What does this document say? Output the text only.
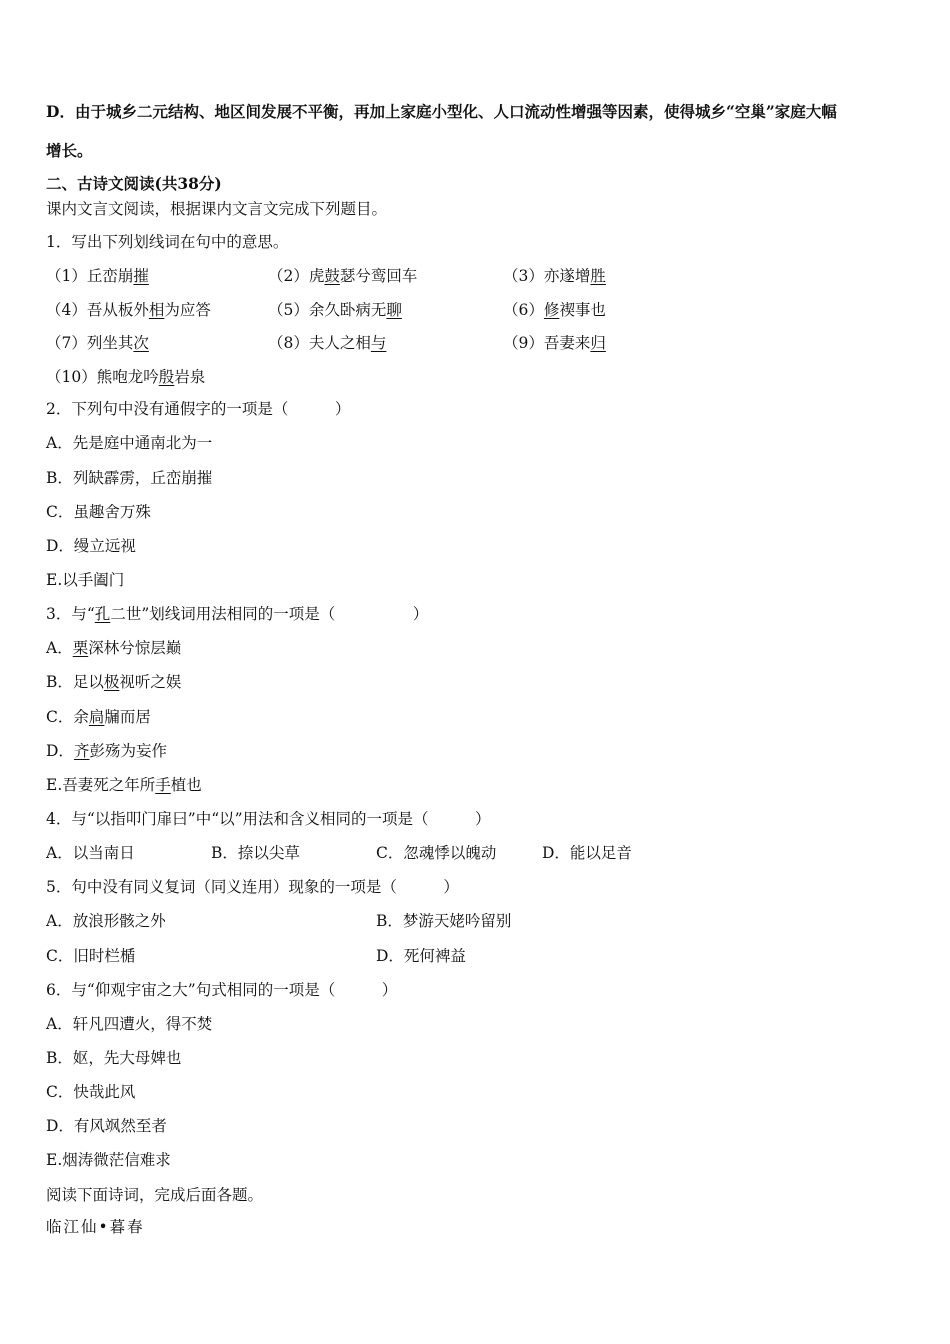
D．由于城乡二元结构、地区间发展不平衡，再加上家庭小型化、人口流动性增强等因素，使得城乡“空巢”家庭大幅
增长。
二、古诗文阅读(共38分)
课内文言文阅读，根据课内文言文完成下列题目。
1．写出下列划线词在句中的意思。
（1）丘峦崩摧	（2）虎鼓瑟兮鸾回车	（3）亦遂增胜
（4）吾从板外相为应答	（5）余久卧病无聊	（6）修禊事也
（7）列坐其次	（8）夫人之相与	（9）吾妻来归
（10）熊咆龙吟殷岩泉
2．下列句中没有通假字的一项是（　　　）
A．先是庭中通南北为一
B．列缺霹雳，丘峦崩摧
C．虽趣舍万殊
D．缦立远视
E.以手阖门
3．与“孔二世”划线词用法相同的一项是（　　　　　）
A．栗深林兮惊层巅
B．足以极视听之娱
C．余扃牖而居
D．齐彭殇为妄作
E.吾妻死之年所手植也
4．与“以指叩门扉曰”中“以”用法和含义相同的一项是（　　　）
A．以当南日	B．捺以尖草	C．忽魂悸以魄动	D．能以足音
5．句中没有同义复词（同义连用）现象的一项是（　　　）
A．放浪形骸之外	B．梦游天姥吟留别
C．旧时栏楯	D．死何裨益
6．与“仰观宇宙之大”句式相同的一项是（　　　）
A．轩凡四遭火，得不焚
B．妪，先大母婢也
C．快哉此风
D．有风飒然至者
E.烟涛微茫信难求
阅读下面诗词，完成后面各题。
临江仙•暮春
